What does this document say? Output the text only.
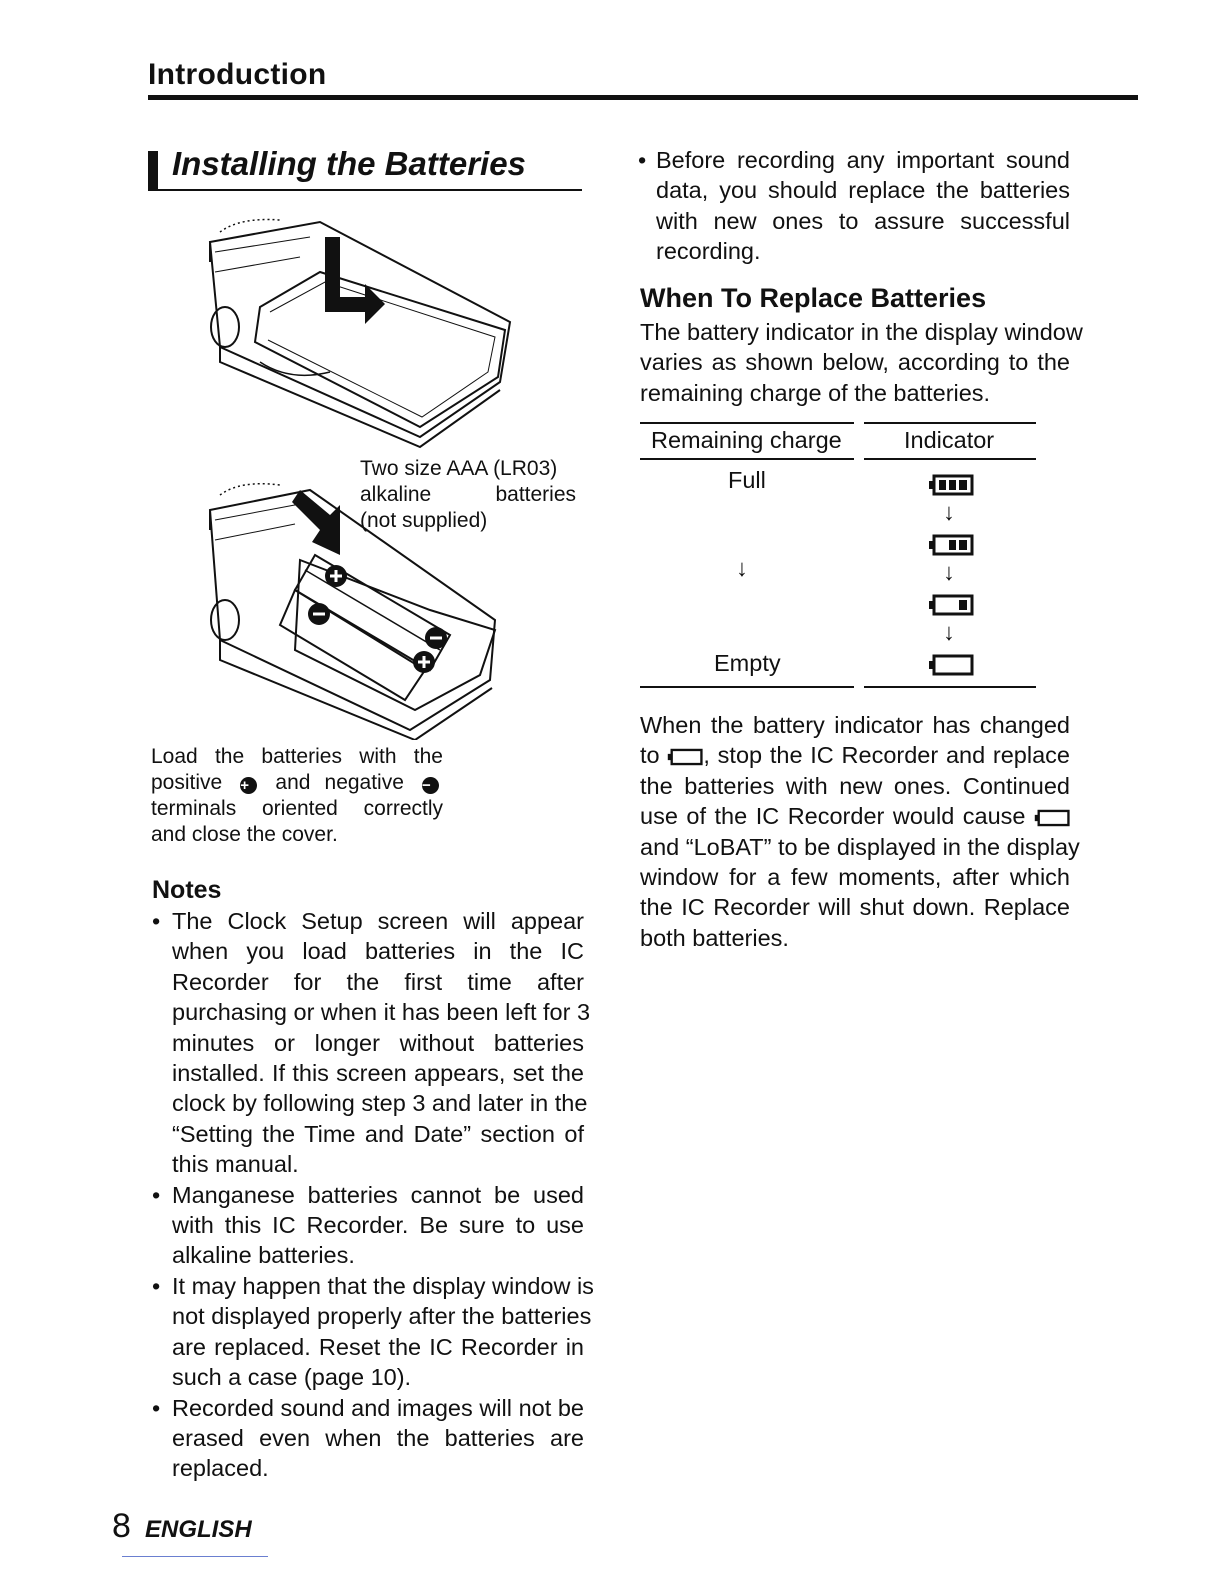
Introduction
Installing the Batteries
Two size AAA (LR03)
alkaline batteries
(not supplied)
Load the batteries with the
positive + and negative −
terminals oriented correctly
and close the cover.
Notes
• The Clock Setup screen will appear
when you load batteries in the IC
Recorder for the first time after
purchasing or when it has been left for 3
minutes or longer without batteries
installed. If this screen appears, set the
clock by following step 3 and later in the
“Setting the Time and Date” section of
this manual.
• Manganese batteries cannot be used
with this IC Recorder. Be sure to use
alkaline batteries.
• It may happen that the display window is
not displayed properly after the batteries
are replaced. Reset the IC Recorder in
such a case (page 10).
• Recorded sound and images will not be
erased even when the batteries are
replaced.
• Before recording any important sound
data, you should replace the batteries
with new ones to assure successful
recording.
When To Replace Batteries
The battery indicator in the display window
varies as shown below, according to the
remaining charge of the batteries.
Remaining charge	Indicator
Full
↓
Empty
↓
↓
↓
When the battery indicator has changed
to , stop the IC Recorder and replace
the batteries with new ones. Continued
use of the IC Recorder would cause
and “LoBAT” to be displayed in the display
window for a few moments, after which
the IC Recorder will shut down. Replace
both batteries.
8 ENGLISH
